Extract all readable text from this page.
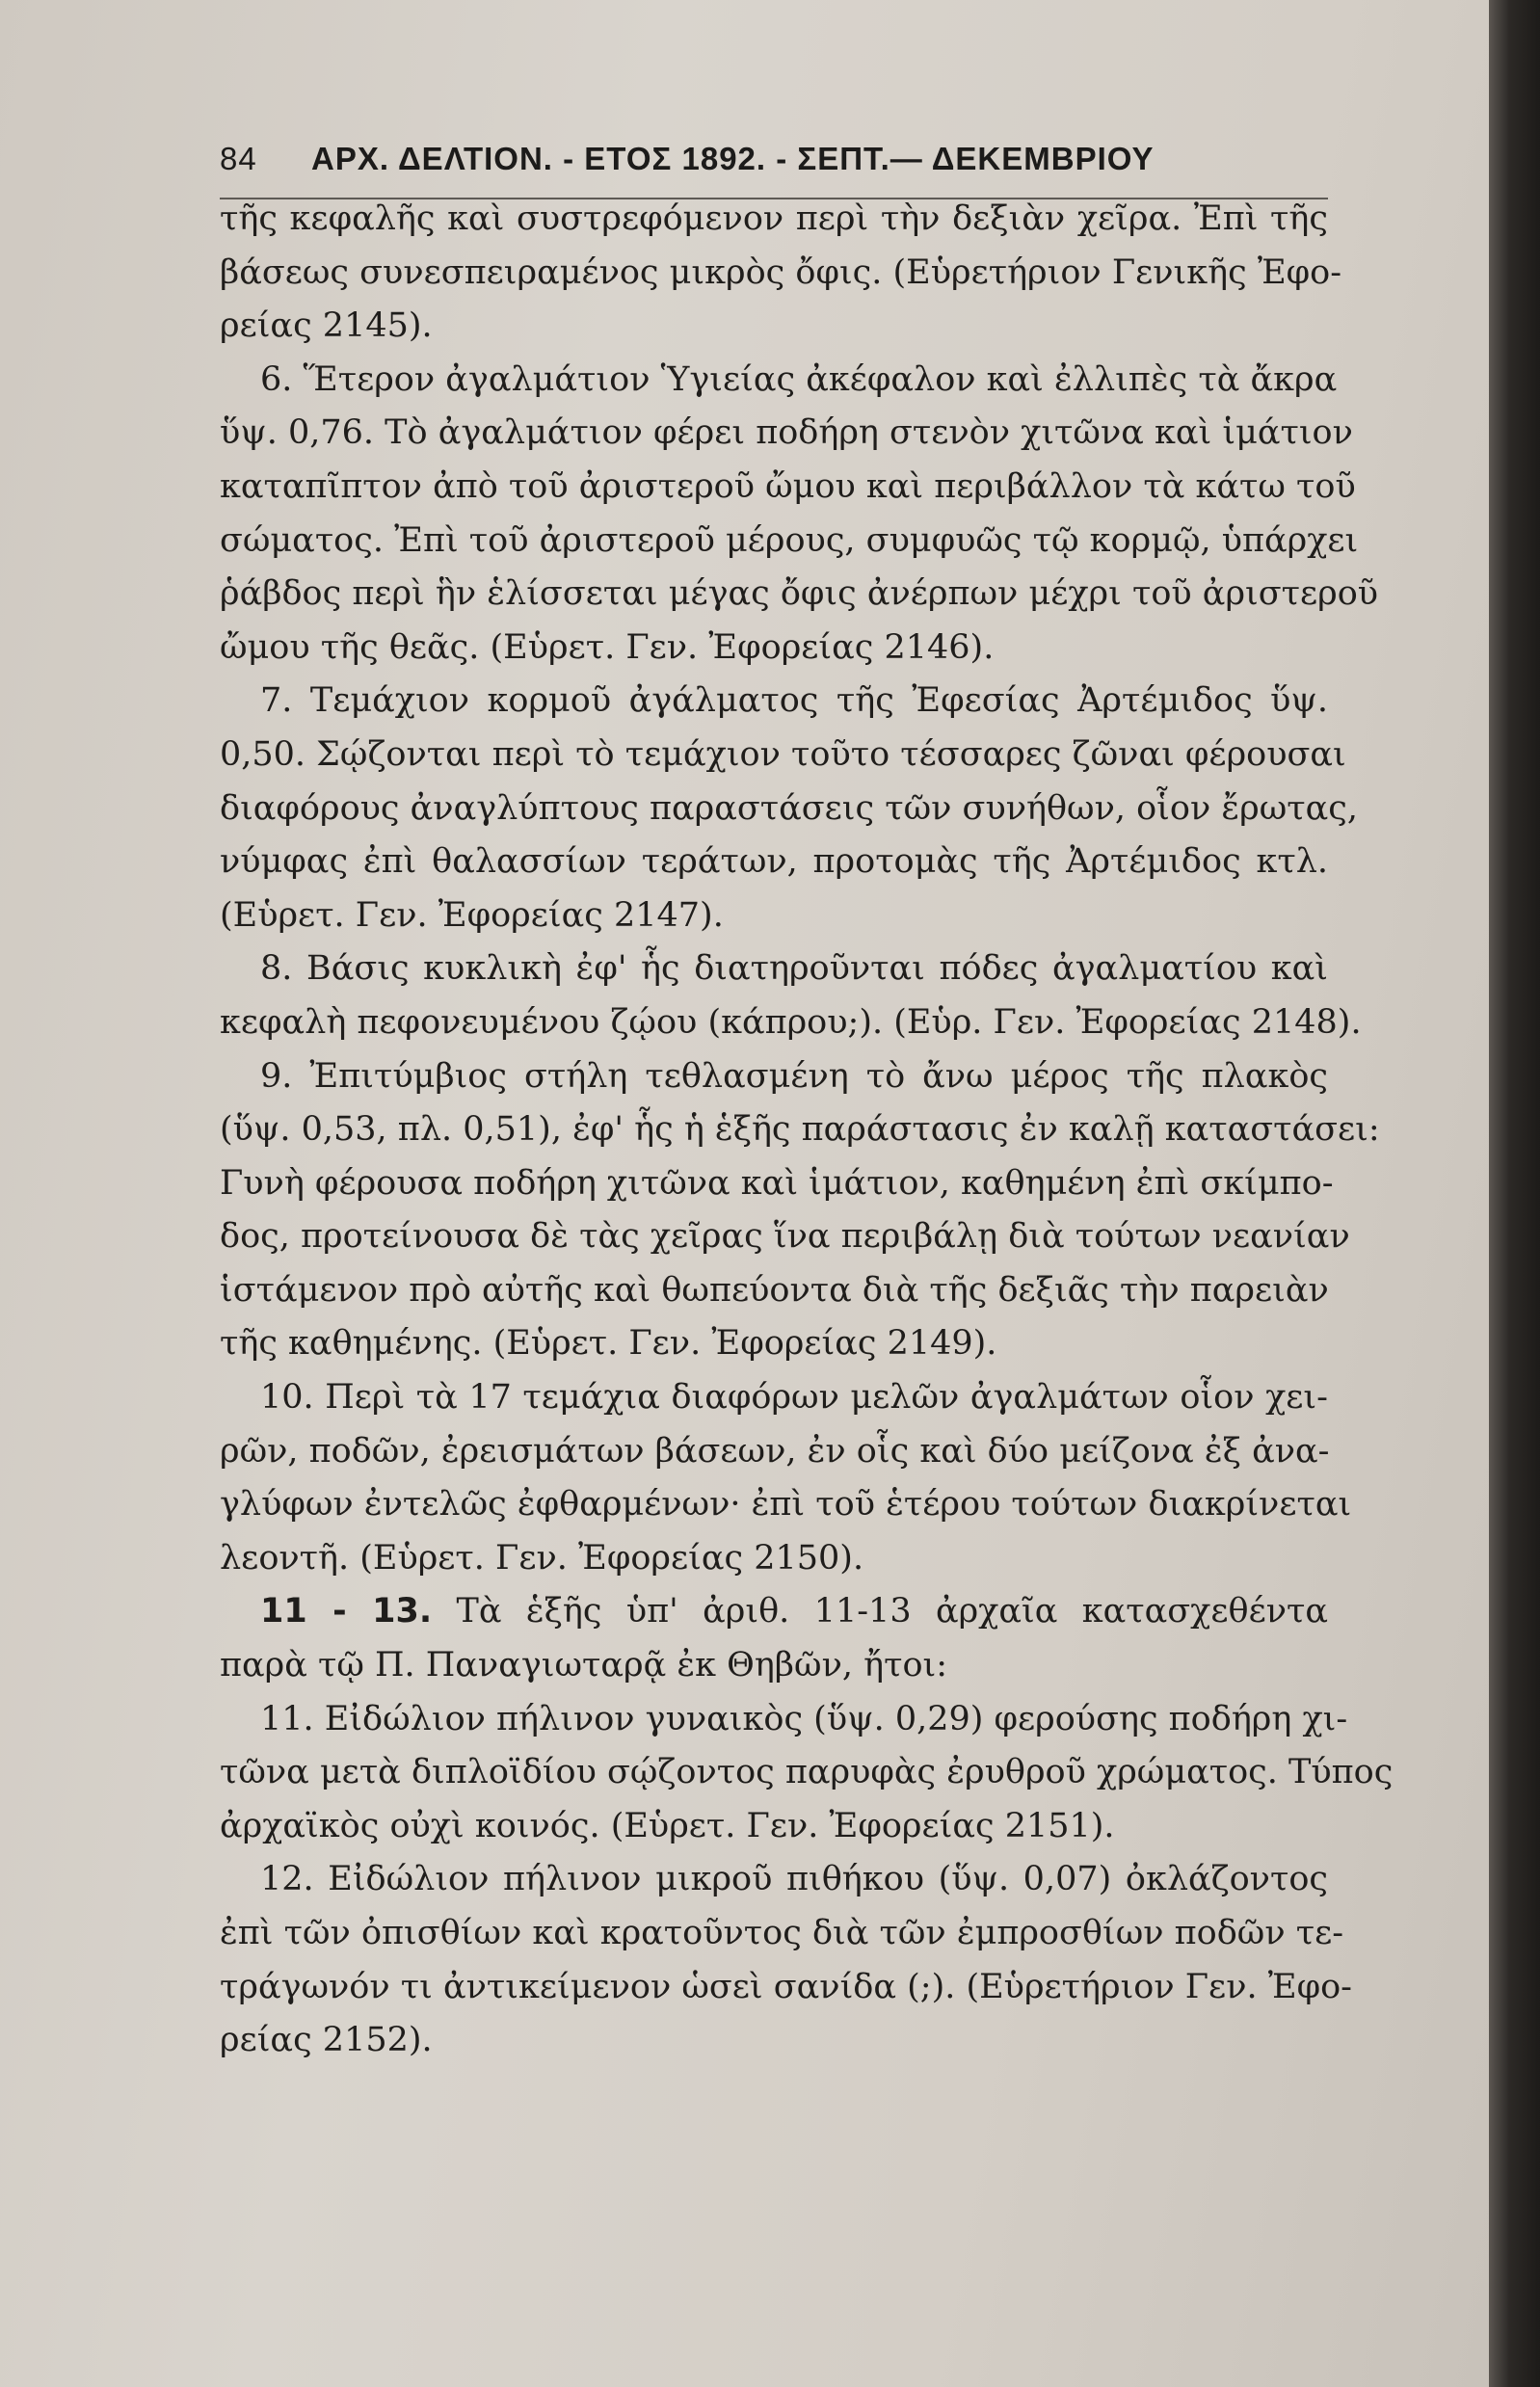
84 ΑΡΧ. ΔΕΛΤΙΟΝ. - ΕΤΟΣ 1892. - ΣΕΠΤ.— ΔΕΚΕΜΒΡΙΟΥ
τῆς κεφαλῆς καὶ συστρεφόμενον περὶ τὴν δεξιὰν χεῖρα. Ἐπὶ τῆς
βάσεως συνεσπειραμένος μικρὸς ὄφις. (Εὑρετήριον Γενικῆς Ἐφο-
ρείας 2145).
6. Ἕτερον ἀγαλμάτιον Ὑγιείας ἀκέφαλον καὶ ἐλλιπὲς τὰ ἄκρα
ὕψ. 0,76. Τὸ ἀγαλμάτιον φέρει ποδήρη στενὸν χιτῶνα καὶ ἱμάτιον
καταπῖπτον ἀπὸ τοῦ ἀριστεροῦ ὤμου καὶ περιβάλλον τὰ κάτω τοῦ
σώματος. Ἐπὶ τοῦ ἀριστεροῦ μέρους, συμφυῶς τῷ κορμῷ, ὑπάρχει
ῥάβδος περὶ ἣν ἑλίσσεται μέγας ὄφις ἀνέρπων μέχρι τοῦ ἀριστεροῦ
ὤμου τῆς θεᾶς. (Εὑρετ. Γεν. Ἐφορείας 2146).
7. Τεμάχιον κορμοῦ ἀγάλματος τῆς Ἐφεσίας Ἀρτέμιδος ὕψ.
0,50. Σῴζονται περὶ τὸ τεμάχιον τοῦτο τέσσαρες ζῶναι φέρουσαι
διαφόρους ἀναγλύπτους παραστάσεις τῶν συνήθων, οἷον ἔρωτας,
νύμφας ἐπὶ θαλασσίων τεράτων, προτομὰς τῆς Ἀρτέμιδος κτλ.
(Εὑρετ. Γεν. Ἐφορείας 2147).
8. Βάσις κυκλικὴ ἐφ' ἧς διατηροῦνται πόδες ἀγαλματίου καὶ
κεφαλὴ πεφονευμένου ζῴου (κάπρου;). (Εὑρ. Γεν. Ἐφορείας 2148).
9. Ἐπιτύμβιος στήλη τεθλασμένη τὸ ἄνω μέρος τῆς πλακὸς
(ὕψ. 0,53, πλ. 0,51), ἐφ' ἧς ἡ ἑξῆς παράστασις ἐν καλῇ καταστάσει:
Γυνὴ φέρουσα ποδήρη χιτῶνα καὶ ἱμάτιον, καθημένη ἐπὶ σκίμπο-
δος, προτείνουσα δὲ τὰς χεῖρας ἵνα περιβάλῃ διὰ τούτων νεανίαν
ἱστάμενον πρὸ αὐτῆς καὶ θωπεύοντα διὰ τῆς δεξιᾶς τὴν παρειὰν
τῆς καθημένης. (Εὑρετ. Γεν. Ἐφορείας 2149).
10. Περὶ τὰ 17 τεμάχια διαφόρων μελῶν ἀγαλμάτων οἷον χει-
ρῶν, ποδῶν, ἐρεισμάτων βάσεων, ἐν οἷς καὶ δύο μείζονα ἐξ ἀνα-
γλύφων ἐντελῶς ἐφθαρμένων· ἐπὶ τοῦ ἑτέρου τούτων διακρίνεται
λεοντῆ. (Εὑρετ. Γεν. Ἐφορείας 2150).
11 - 13. Τὰ ἑξῆς ὑπ' ἀριθ. 11-13 ἀρχαῖα κατασχεθέντα
παρὰ τῷ Π. Παναγιωταρᾷ ἐκ Θηβῶν, ἤτοι:
11. Εἰδώλιον πήλινον γυναικὸς (ὕψ. 0,29) φερούσης ποδήρη χι-
τῶνα μετὰ διπλοϊδίου σῴζοντος παρυφὰς ἐρυθροῦ χρώματος. Τύπος
ἀρχαϊκὸς οὐχὶ κοινός. (Εὑρετ. Γεν. Ἐφορείας 2151).
12. Εἰδώλιον πήλινον μικροῦ πιθήκου (ὕψ. 0,07) ὀκλάζοντος
ἐπὶ τῶν ὀπισθίων καὶ κρατοῦντος διὰ τῶν ἐμπροσθίων ποδῶν τε-
τράγωνόν τι ἀντικείμενον ὡσεὶ σανίδα (;). (Εὑρετήριον Γεν. Ἐφο-
ρείας 2152).
